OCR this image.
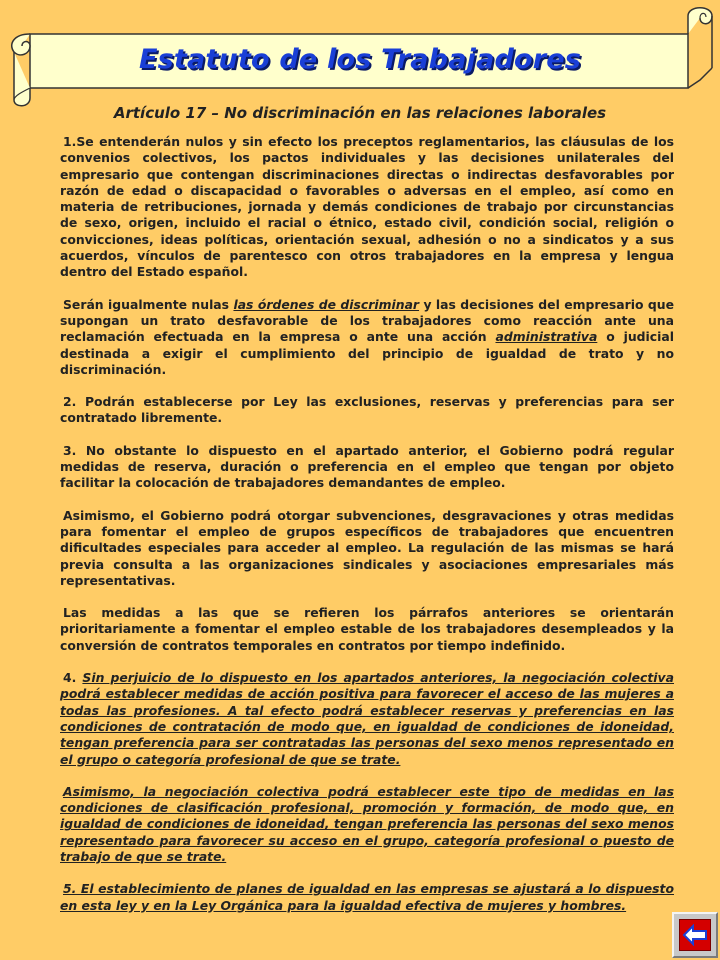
Estatuto de los Trabajadores
Artículo 17 – No discriminación en las relaciones laborales

1.Se entenderán nulos y sin efecto los preceptos reglamentarios, las cláusulas de los convenios colectivos, los pactos individuales y las decisiones unilaterales del empresario que contengan discriminaciones directas o indirectas desfavorables por razón de edad o discapacidad o favorables o adversas en el empleo, así como en materia de retribuciones, jornada y demás condiciones de trabajo por circunstancias de sexo, origen, incluido el racial o étnico, estado civil, condición social, religión o convicciones, ideas políticas, orientación sexual, adhesión o no a sindicatos y a sus acuerdos, vínculos de parentesco con otros trabajadores en la empresa y lengua dentro del Estado español.

Serán igualmente nulas las órdenes de discriminar y las decisiones del empresario que supongan un trato desfavorable de los trabajadores como reacción ante una reclamación efectuada en la empresa o ante una acción administrativa o judicial destinada a exigir el cumplimiento del principio de igualdad de trato y no discriminación.

2. Podrán establecerse por Ley las exclusiones, reservas y preferencias para ser contratado libremente.

3. No obstante lo dispuesto en el apartado anterior, el Gobierno podrá regular medidas de reserva, duración o preferencia en el empleo que tengan por objeto facilitar la colocación de trabajadores demandantes de empleo.

Asimismo, el Gobierno podrá otorgar subvenciones, desgravaciones y otras medidas para fomentar el empleo de grupos específicos de trabajadores que encuentren dificultades especiales para acceder al empleo. La regulación de las mismas se hará previa consulta a las organizaciones sindicales y asociaciones empresariales más representativas.

Las medidas a las que se refieren los párrafos anteriores se orientarán prioritariamente a fomentar el empleo estable de los trabajadores desempleados y la conversión de contratos temporales en contratos por tiempo indefinido.

4. Sin perjuicio de lo dispuesto en los apartados anteriores, la negociación colectiva podrá establecer medidas de acción positiva para favorecer el acceso de las mujeres a todas las profesiones. A tal efecto podrá establecer reservas y preferencias en las condiciones de contratación de modo que, en igualdad de condiciones de idoneidad, tengan preferencia para ser contratadas las personas del sexo menos representado en el grupo o categoría profesional de que se trate.

Asimismo, la negociación colectiva podrá establecer este tipo de medidas en las condiciones de clasificación profesional, promoción y formación, de modo que, en igualdad de condiciones de idoneidad, tengan preferencia las personas del sexo menos representado para favorecer su acceso en el grupo, categoría profesional o puesto de trabajo de que se trate.

5. El establecimiento de planes de igualdad en las empresas se ajustará a lo dispuesto en esta ley y en la Ley Orgánica para la igualdad efectiva de mujeres y hombres.
